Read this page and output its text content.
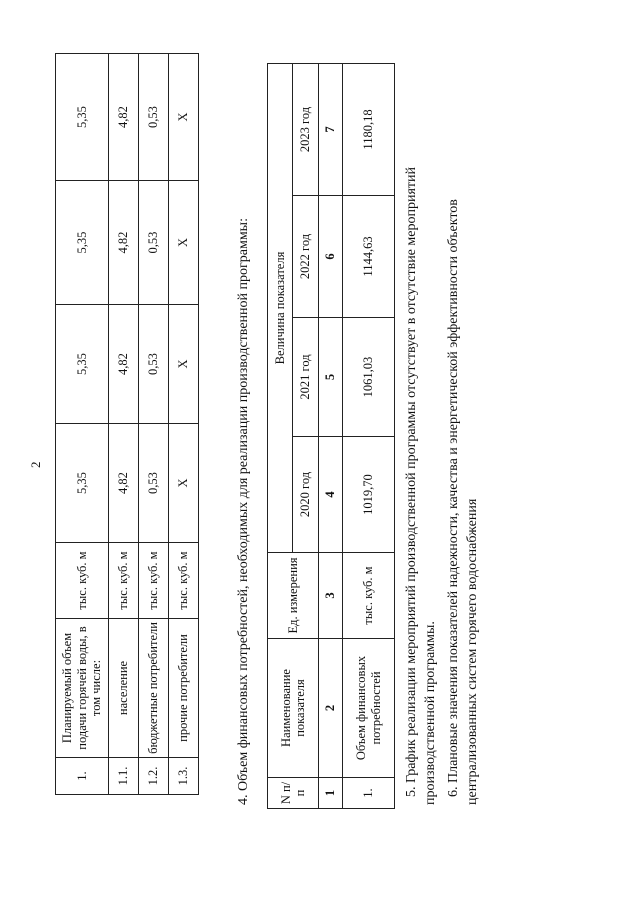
2
1.	Планируемый объем подачи горячей воды, в том числе:	тыс. куб. м	5,35	5,35	5,35	5,35
1.1.	население	тыс. куб. м	4,82	4,82	4,82	4,82
1.2.	бюджетные потребители	тыс. куб. м	0,53	0,53	0,53	0,53
1.3.	прочие потребители	тыс. куб. м	Х	Х	Х	Х
4. Объем финансовых потребностей, необходимых для реализации производственной программы: N п/п	Наименование показателя	Ед. измерения	Величина показателя			
			2020 год	2021 год	2022 год	2023 год
1	2	3	4	5	6	7
1.	Объем финансовых потребностей	тыс. куб. м	1019,70	1061,03	1144,63	1180,18
5. График реализации мероприятий производственной программы отсутствует в отсутствие мероприятий производственной программы. 6. Плановые значения показателей надежности, качества и энергетической эффективности объектов централизованных систем горячего водоснабжения
